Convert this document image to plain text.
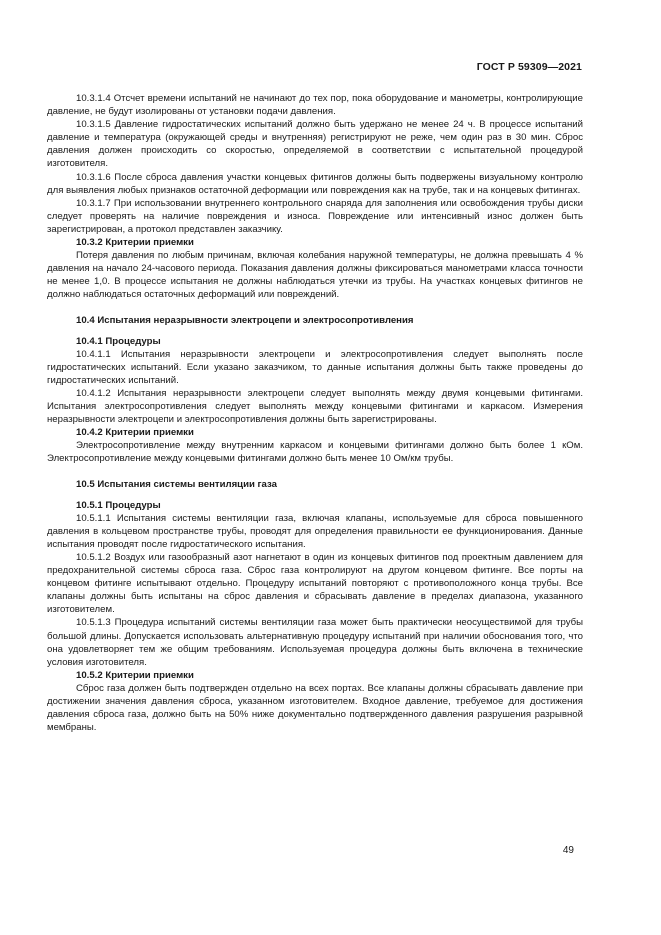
ГОСТ Р 59309—2021

10.3.1.4 Отсчет времени испытаний не начинают до тех пор, пока оборудование и манометры, контролирующие давление, не будут изолированы от установки подачи давления.

10.3.1.5 Давление гидростатических испытаний должно быть удержано не менее 24 ч. В процессе испытаний давление и температура (окружающей среды и внутренняя) регистрируют не реже, чем один раз в 30 мин. Сброс давления должен происходить со скоростью, определяемой в соответствии с испытательной процедурой изготовителя.

10.3.1.6 После сброса давления участки концевых фитингов должны быть подвержены визуальному контролю для выявления любых признаков остаточной деформации или повреждения как на трубе, так и на концевых фитингах.

10.3.1.7 При использовании внутреннего контрольного снаряда для заполнения или освобождения трубы диски следует проверять на наличие повреждения и износа. Повреждение или интенсивный износ должен быть зарегистрирован, а протокол представлен заказчику.

10.3.2 Критерии приемки

Потеря давления по любым причинам, включая колебания наружной температуры, не должна превышать 4 % давления на начало 24-часового периода. Показания давления должны фиксироваться манометрами класса точности не менее 1,0. В процессе испытания не должны наблюдаться утечки из трубы. На участках концевых фитингов не должно наблюдаться остаточных деформаций или повреждений.

10.4 Испытания неразрывности электроцепи и электросопротивления
10.4.1 Процедуры

10.4.1.1 Испытания неразрывности электроцепи и электросопротивления следует выполнять после гидростатических испытаний. Если указано заказчиком, то данные испытания должны быть также проведены до гидростатических испытаний.

10.4.1.2 Испытания неразрывности электроцепи следует выполнять между двумя концевыми фитингами. Испытания электросопротивления следует выполнять между концевыми фитингами и каркасом. Измерения неразрывности электроцепи и электросопротивления должны быть зарегистрированы.

10.4.2 Критерии приемки

Электросопротивление между внутренним каркасом и концевыми фитингами должно быть более 1 кОм. Электросопротивление между концевыми фитингами должно быть менее 10 Ом/км трубы.

10.5 Испытания системы вентиляции газа
10.5.1 Процедуры

10.5.1.1 Испытания системы вентиляции газа, включая клапаны, используемые для сброса повышенного давления в кольцевом пространстве трубы, проводят для определения правильности ее функционирования. Данные испытания проводят после гидростатического испытания.

10.5.1.2 Воздух или газообразный азот нагнетают в один из концевых фитингов под проектным давлением для предохранительной системы сброса газа. Сброс газа контролируют на другом концевом фитинге. Все порты на концевом фитинге испытывают отдельно. Процедуру испытаний повторяют с противоположного конца трубы. Все клапаны должны быть испытаны на сброс давления и сбрасывать давление в пределах диапазона, указанного изготовителем.

10.5.1.3 Процедура испытаний системы вентиляции газа может быть практически неосуществимой для трубы большой длины. Допускается использовать альтернативную процедуру испытаний при наличии обоснования того, что она удовлетворяет тем же общим требованиям. Используемая процедура должны быть включена в технические условия изготовителя.

10.5.2 Критерии приемки

Сброс газа должен быть подтвержден отдельно на всех портах. Все клапаны должны сбрасывать давление при достижении значения давления сброса, указанном изготовителем. Входное давление, требуемое для достижения давления сброса газа, должно быть на 50% ниже документально подтвержденного давления разрушения разрывной мембраны.

49
